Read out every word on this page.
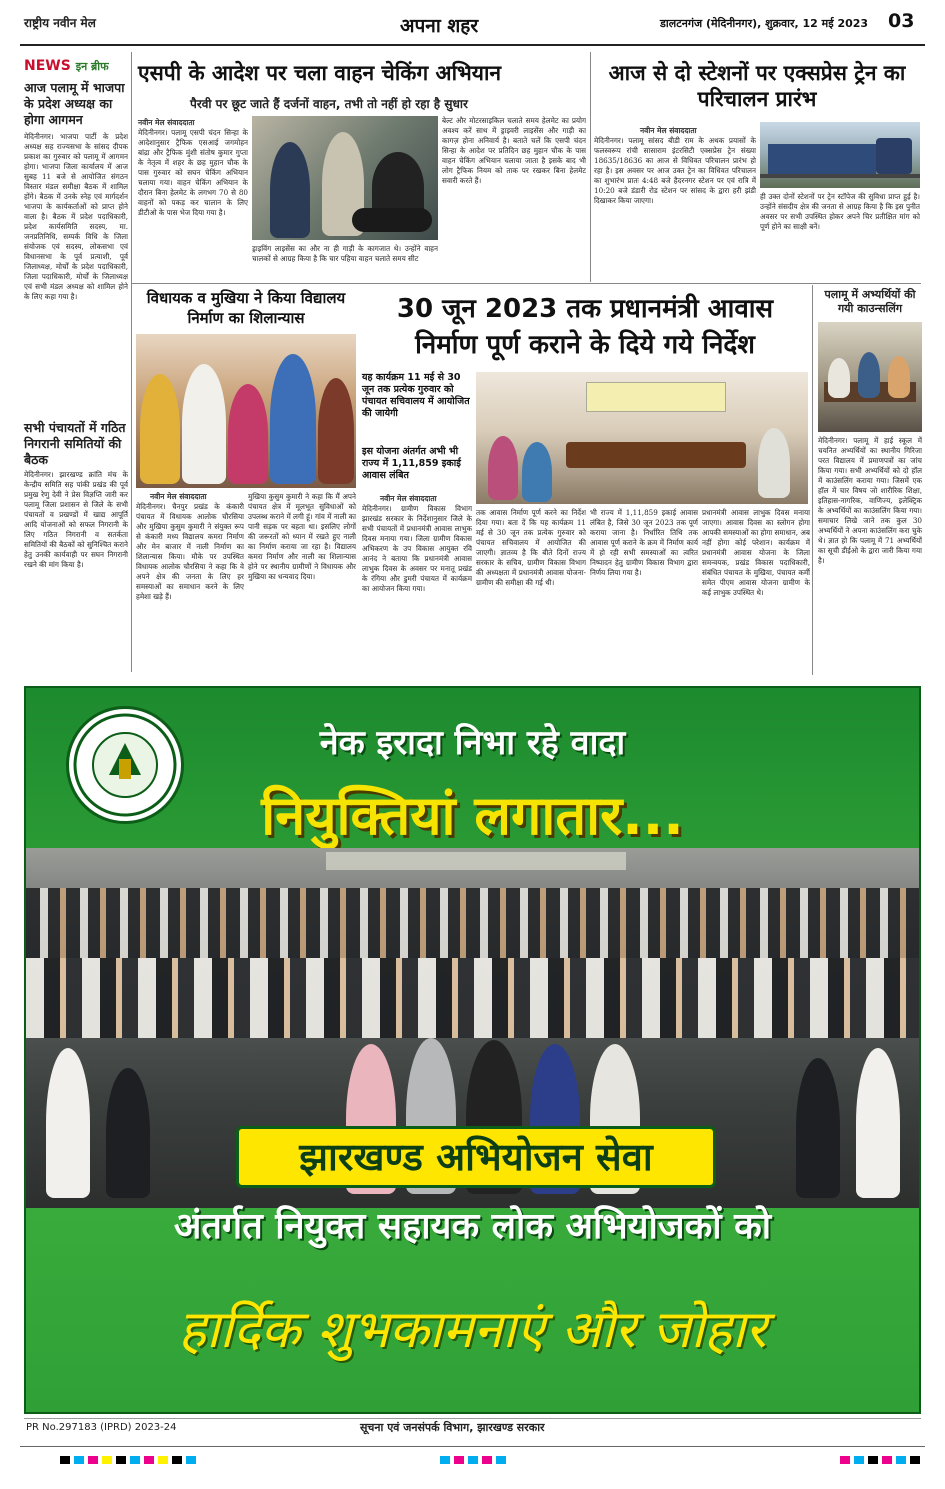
राष्ट्रीय नवीन मेल	अपना शहर	डालटनगंज (मेदिनीनगर), शुक्रवार, 12 मई 2023 03
NEWS इन ब्रीफ
आज पलामू में भाजपा के प्रदेश अध्यक्ष का होगा आगमन
मेदिनीनगर। भाजपा पार्टी के प्रदेश अध्यक्ष सह राज्यसभा के सांसद दीपक प्रकाश का गुरुवार को पलामू में आगमन होगा। भाजपा जिला कार्यालय में आज सुबह 11 बजे से आयोजित संगठन विस्तार मंडल समीक्षा बैठक में शामिल होंगे। बैठक में उनके स्नेह एवं मार्गदर्शन भाजपा के कार्यकर्ताओं को प्राप्त होने वाला है। बैठक में प्रदेश पदाधिकारी, प्रदेश कार्यसमिति सदस्य, मा. जनप्रतिनिधि, सम्पर्क विधि के जिला संयोजक एवं सदस्य, लोकसभा एवं विधानसभा के पूर्व प्रत्याशी, पूर्व जिलाध्यक्ष, मोर्चों के प्रदेश पदाधिकारी, जिला पदाधिकारी, मोर्चों के जिलाध्यक्ष एवं सभी मंडल अध्यक्ष को शामिल होने के लिए कहा गया है।
सभी पंचायतों में गठित निगरानी समितियों की बैठक
मेदिनीनगर। झारखण्ड क्रांति मंच के केन्द्रीय समिति सह पांकी प्रखंड की पूर्व प्रमुख रेणु देवी ने प्रेस विज्ञप्ति जारी कर पलामू जिला प्रशासन से जिले के सभी पंचायतों व प्रखण्डों में खाद्य आपूर्ति आदि योजनाओं को सफल निगरानी के लिए गठित निगरानी व सतर्कता समितियों की बैठकों को सुनिश्चित कराने हेतु उनकी कार्यवाही पर सघन निगरानी रखने की मांग किया है।
एसपी के आदेश पर चला वाहन चेकिंग अभियान
पैरवी पर छूट जाते हैं दर्जनों वाहन, तभी तो नहीं हो रहा है सुधार
नवीन मेल संवाददाता
मेदिनीनगर। पलामू एसपी चंदन सिन्हा के आदेशानुसार ट्रैफिक एसआई जगमोहन बांद्रा और ट्रैफिक मुंशी संतोष कुमार गुप्ता के नेतृत्व में शहर के छह मुहान चौक के पास गुरुवार को सघन चेकिंग अभियान चलाया गया। वाहन चेकिंग अभियान के दौरान बिना हेलमेट के लगभग 70 से 80 वाहनों को पकड़ कर चालान के लिए डीटीओ के पास भेज दिया गया है।
ड्राइविंग लाइसेंस का और ना ही गाड़ी के कागजात थे। उन्होंने वाहन चालकों से आग्रह किया है कि चार पहिया वाहन चलाते समय सीट
बेल्ट और मोटरसाइकिल चलाते समय हेलमेट का प्रयोग अवश्य करें साथ में ड्राइवरी लाइसेंस और गाड़ी का कागज़ होना अनिवार्य है। बताते चलें कि एसपी चंदन सिन्हा के आदेश पर प्रतिदिन छह मुहान चौक के पास वाहन चेकिंग अभियान चलाया जाता है इसके बाद भी लोग ट्रैफिक नियम को ताक पर रखकर बिना हेलमेट सवारी करते हैं।
आज से दो स्टेशनों पर एक्सप्रेस ट्रेन का परिचालन प्रारंभ
नवीन मेल संवाददाता
मेदिनीनगर। पलामू सांसद बीडी राम के अथक प्रयासों के फलस्वरूप रांची सासाराम इंटरसिटी एक्सप्रेस ट्रेन संख्या 18635/18636 का आज से विधिवत परिचालन प्रारंभ हो रहा है। इस अवसर पर आज उक्त ट्रेन का विधिवत परिचालन का शुभारंभ प्रातः 4:48 बजे हैदरनगर स्टेशन पर एवं रात्रि में 10:20 बजे डंडारी रोड स्टेशन पर सांसद के द्वारा हरी झंडी दिखाकर किया जाएगा।	ही उक्त दोनों स्टेशनों पर ट्रेन स्टॉपेज की सुविधा प्राप्त हुई है। उन्होंने संसदीय क्षेत्र की जनता से आग्रह किया है कि इस पुनीत अवसर पर सभी उपस्थित होकर अपने चिर प्रतीक्षित मांग को पूर्ण होने का साक्षी बनें।
विधायक व मुखिया ने किया विद्यालय निर्माण का शिलान्यास
नवीन मेल संवाददाता
मेदिनीनगर। चैनपुर प्रखंड के कंकारी पंचायत में विधायक आलोक चौरसिया और मुखिया कुसुम कुमारी ने संयुक्त रूप से कंकारी मध्य विद्यालय कमरा निर्माण और मेन बाजार में नाली निर्माण का शिलान्यास किया। मौके पर उपस्थित विधायक आलोक चौरसिया ने कहा कि वे अपने क्षेत्र की जनता के लिए हर समस्याओं का समाधान करने के लिए हमेशा खड़े हैं।
मुखिया कुसुम कुमारी ने कहा कि मैं अपने पंचायत क्षेत्र में मूलभूत सुविधाओं को उपलब्ध कराने में लगी हूं। गांव में नाली का पानी सड़क पर बहता था। इसलिए लोगों की जरूरतों को ध्यान में रखते हुए नाली का निर्माण कराया जा रहा है। विद्यालय कमरा निर्माण और नाली का शिलान्यास होने पर स्थानीय ग्रामीणों ने विधायक और मुखिया का धन्यवाद दिया।
30 जून 2023 तक प्रधानमंत्री आवास
निर्माण पूर्ण कराने के दिये गये निर्देश
यह कार्यक्रम 11 मई से 30 जून तक प्रत्येक गुरुवार को पंचायत सचिवालय में आयोजित की जायेगी
इस योजना अंतर्गत अभी भी राज्य में 1,11,859 इकाई आवास लंबित
नवीन मेल संवाददाता
मेदिनीनगर। ग्रामीण विकास विभाग झारखंड सरकार के निर्देशानुसार जिले के सभी पंचायतों में प्रधानमंत्री आवास लाभुक दिवस मनाया गया। जिला ग्रामीण विकास अभिकरण के उप विकास आयुक्त रवि आनंद ने बताया कि प्रधानमंत्री आवास लाभुक दिवस के अवसर पर मनातू प्रखंड के रंगिया और डुमरी पंचायत में कार्यक्रम का आयोजन किया गया।
तक आवास निर्माण पूर्ण करने का निर्देश दिया गया। बता दें कि यह कार्यक्रम 11 मई से 30 जून तक प्रत्येक गुरुवार को पंचायत सचिवालय में आयोजित की जाएगी। ज्ञातव्य है कि बीते दिनों राज्य सरकार के सचिव, ग्रामीण विकास विभाग की अध्यक्षता में प्रधानमंत्री आवास योजना-ग्रामीण की समीक्षा की गई थी।
भी राज्य में 1,11,859 इकाई आवास लंबित है, जिसे 30 जून 2023 तक पूर्ण कराया जाना है। निर्धारित तिथि तक आवास पूर्ण कराने के क्रम में निर्माण कार्य में हो रही सभी समस्याओं का त्वरित निष्पादन हेतु ग्रामीण विकास विभाग द्वारा निर्णय लिया गया है।
प्रधानमंत्री आवास लाभुक दिवस मनाया जाएगा। आवास दिवस का स्लोगन होगा आपकी समस्याओं का होगा समाधान, अब नहीं होगा कोई परेशान। कार्यक्रम में प्रधानमंत्री आवास योजना के जिला समन्वयक, प्रखंड विकास पदाधिकारी, संबंधित पंचायत के मुखिया, पंचायत कर्मी समेत पीएम आवास योजना ग्रामीण के कई लाभुक उपस्थित थे।
पलामू में अभ्यर्थियों की गयी काउन्सलिंग
मेदिनीनगर। पलामू में हाई स्कूल में चयनित अभ्यर्थियों का स्थानीय गिरिजा परत विद्यालय में प्रमाणपत्रों का जांच किया गया। सभी अभ्यर्थियों को दो हॉल में काउंसलिंग कराया गया। जिसमें एक हॉल में चार विषय जो शारीरिक शिक्षा, इतिहास-नागरिक, वाणिज्य, इलेक्ट्रिक के अभ्यर्थियों का काउंसलिंग किया गया। समाचार लिखे जाने तक कुल 30 अभ्यर्थियों ने अपना काउंसलिंग करा चुके थे। ज्ञात हो कि पलामू में 71 अभ्यर्थियों का सूची डीईओ के द्वारा जारी किया गया है।
नेक इरादा निभा रहे वादा
नियुक्तियां लगातार...
झारखण्ड अभियोजन सेवा
अंतर्गत नियुक्त सहायक लोक अभियोजकों को
हार्दिक शुभकामनाएं और जोहार
PR No.297183 (IPRD) 2023-24	सूचना एवं जनसंपर्क विभाग, झारखण्ड सरकार
